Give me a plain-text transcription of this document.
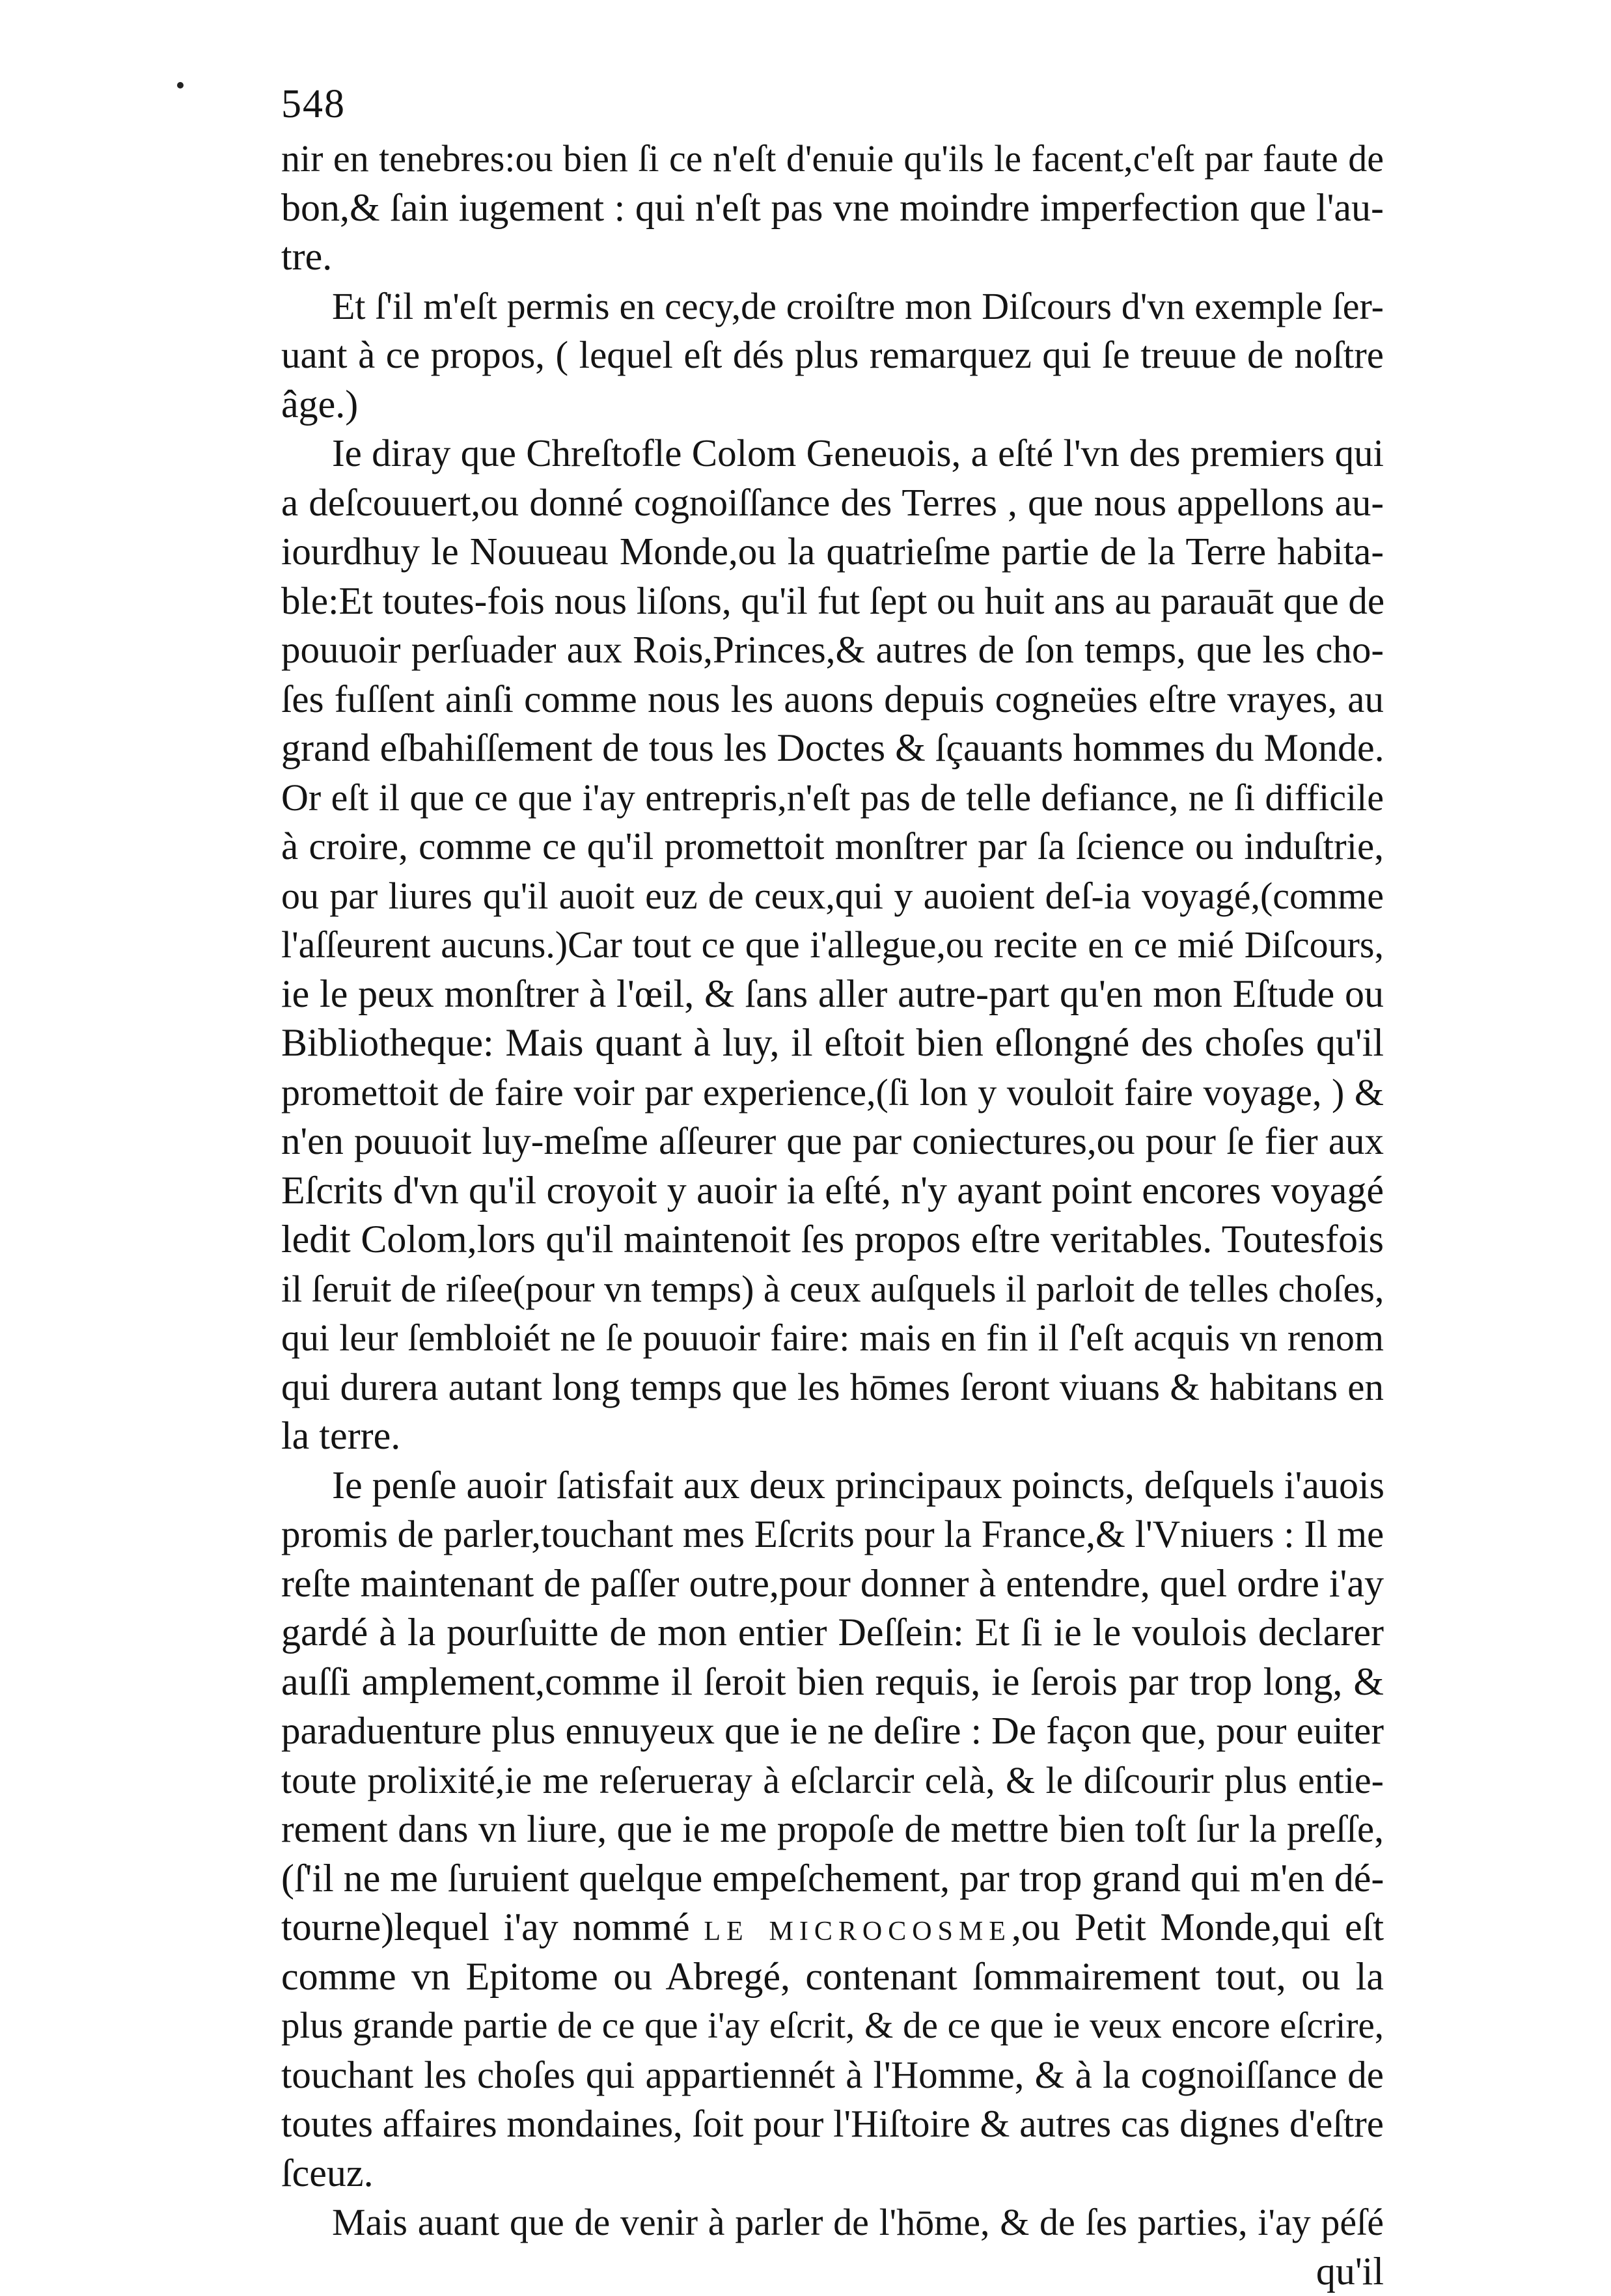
548
nir en tenebres:ou bien ſi ce n'eſt d'enuie qu'ils le facent,c'eſt par faute de
bon,& ſain iugement : qui n'eſt pas vne moindre imperfection que l'au-
tre.
Et ſ'il m'eſt permis en cecy,de croiſtre mon Diſcours d'vn exemple ſer-
uant à ce propos, ( lequel eſt dés plus remarquez qui ſe treuue de noſtre
âge.)
Ie diray que Chreſtofle Colom Geneuois, a eſté l'vn des premiers qui
a deſcouuert,ou donné cognoiſſance des Terres , que nous appellons au-
iourdhuy le Nouueau Monde,ou la quatrieſme partie de la Terre habita-
ble:Et toutes-fois nous liſons, qu'il fut ſept ou huit ans au parauāt que de
pouuoir perſuader aux Rois,Princes,& autres de ſon temps, que les cho-
ſes fuſſent ainſi comme nous les auons depuis cogneües eſtre vrayes, au
grand eſbahiſſement de tous les Doctes & ſçauants hommes du Monde.
Or eſt il que ce que i'ay entrepris,n'eſt pas de telle defiance, ne ſi difficile
à croire, comme ce qu'il promettoit monſtrer par ſa ſcience ou induſtrie,
ou par liures qu'il auoit euz de ceux,qui y auoient deſ-ia voyagé,(comme
l'aſſeurent aucuns.)Car tout ce que i'allegue,ou recite en ce mié Diſcours,
ie le peux monſtrer à l'œil, & ſans aller autre-part qu'en mon Eſtude ou
Bibliotheque: Mais quant à luy, il eſtoit bien eſlongné des choſes qu'il
promettoit de faire voir par experience,(ſi lon y vouloit faire voyage, ) &
n'en pouuoit luy-meſme aſſeurer que par coniectures,ou pour ſe fier aux
Eſcrits d'vn qu'il croyoit y auoir ia eſté, n'y ayant point encores voyagé
ledit Colom,lors qu'il maintenoit ſes propos eſtre veritables. Toutesfois
il ſeruit de riſee(pour vn temps) à ceux auſquels il parloit de telles choſes,
qui leur ſembloiét ne ſe pouuoir faire: mais en fin il ſ'eſt acquis vn renom
qui durera autant long temps que les hōmes ſeront viuans & habitans en
la terre.
Ie penſe auoir ſatisfait aux deux principaux poincts, deſquels i'auois
promis de parler,touchant mes Eſcrits pour la France,& l'Vniuers : Il me
reſte maintenant de paſſer outre,pour donner à entendre, quel ordre i'ay
gardé à la pourſuitte de mon entier Deſſein: Et ſi ie le voulois declarer
auſſi amplement,comme il ſeroit bien requis, ie ſerois par trop long, &
paraduenture plus ennuyeux que ie ne deſire : De façon que, pour euiter
toute prolixité,ie me reſerueray à eſclarcir celà, & le diſcourir plus entie-
rement dans vn liure, que ie me propoſe de mettre bien toſt ſur la preſſe,
(ſ'il ne me ſuruient quelque empeſchement, par trop grand qui m'en dé-
tourne)lequel i'ay nommé le microcosme,ou Petit Monde,qui eſt
comme vn Epitome ou Abregé, contenant ſommairement tout, ou la
plus grande partie de ce que i'ay eſcrit, & de ce que ie veux encore eſcrire,
touchant les choſes qui appartiennét à l'Homme, & à la cognoiſſance de
toutes affaires mondaines, ſoit pour l'Hiſtoire & autres cas dignes d'eſtre
ſceuz.
Mais auant que de venir à parler de l'hōme, & de ſes parties, i'ay péſé
qu'il
